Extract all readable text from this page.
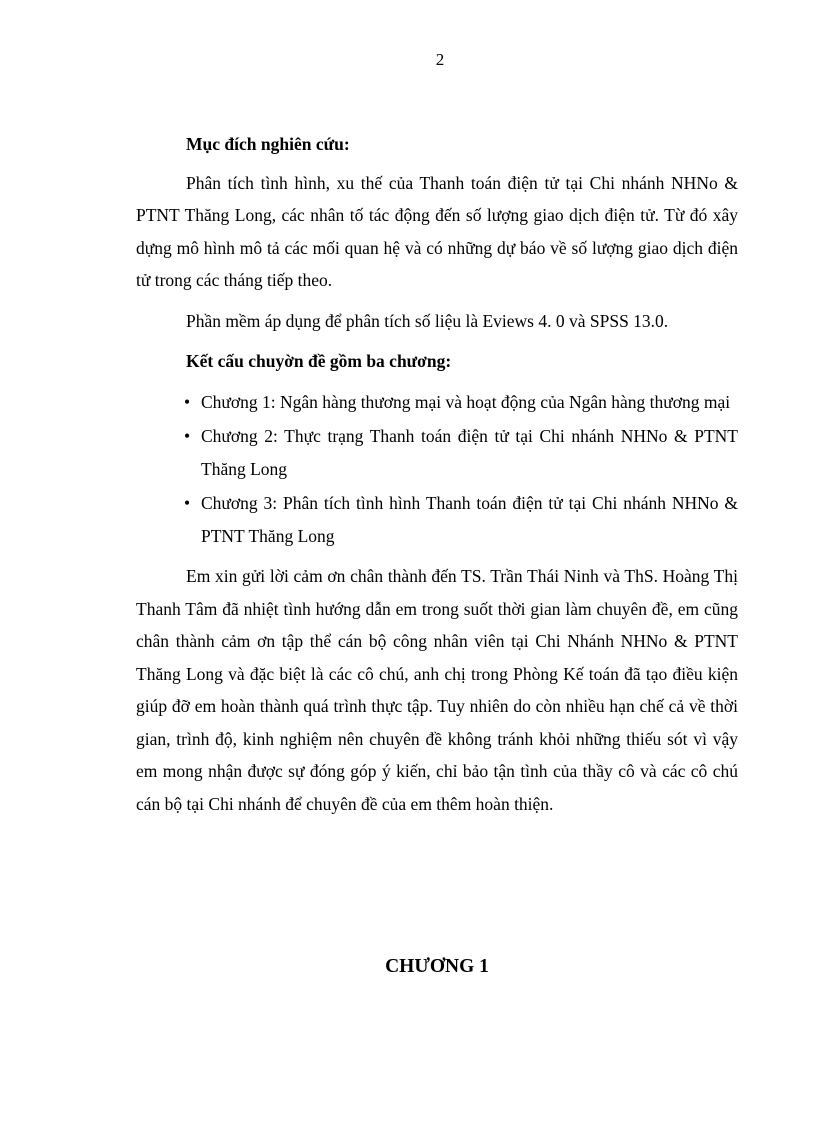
2

Mục đích nghiên cứu:

Phân tích tình hình, xu thế của Thanh toán điện tử tại Chi nhánh NHNo & PTNT Thăng Long, các nhân tố tác động đến số lượng giao dịch điện tử. Từ đó xây dựng mô hình mô tả các mối quan hệ và có những dự báo về số lượng giao dịch điện tử trong các tháng tiếp theo.

Phần mềm áp dụng để phân tích số liệu là Eviews 4. 0 và SPSS 13.0.

Kết cấu chuyờn đề gồm ba chương:

• Chương 1: Ngân hàng thương mại và hoạt động của Ngân hàng thương mại
• Chương 2: Thực trạng Thanh toán điện tử tại Chi nhánh NHNo & PTNT Thăng Long
• Chương 3: Phân tích tình hình Thanh toán điện tử tại Chi nhánh NHNo & PTNT Thăng Long

Em xin gửi lời cảm ơn chân thành đến TS. Trần Thái Ninh và ThS. Hoàng Thị Thanh Tâm đã nhiệt tình hướng dẫn em trong suốt thời gian làm chuyên đề, em cũng chân thành cảm ơn tập thể cán bộ công nhân viên tại Chi Nhánh NHNo & PTNT Thăng Long và đặc biệt là các cô chú, anh chị trong Phòng Kế toán đã tạo điều kiện giúp đỡ em hoàn thành quá trình thực tập. Tuy nhiên do còn nhiều hạn chế cả về thời gian, trình độ, kinh nghiệm nên chuyên đề không tránh khỏi những thiếu sót vì vậy em mong nhận được sự đóng góp ý kiến, chỉ bảo tận tình của thầy cô và các cô chú cán bộ tại Chi nhánh để chuyên đề của em thêm hoàn thiện.

CHƯƠNG 1
